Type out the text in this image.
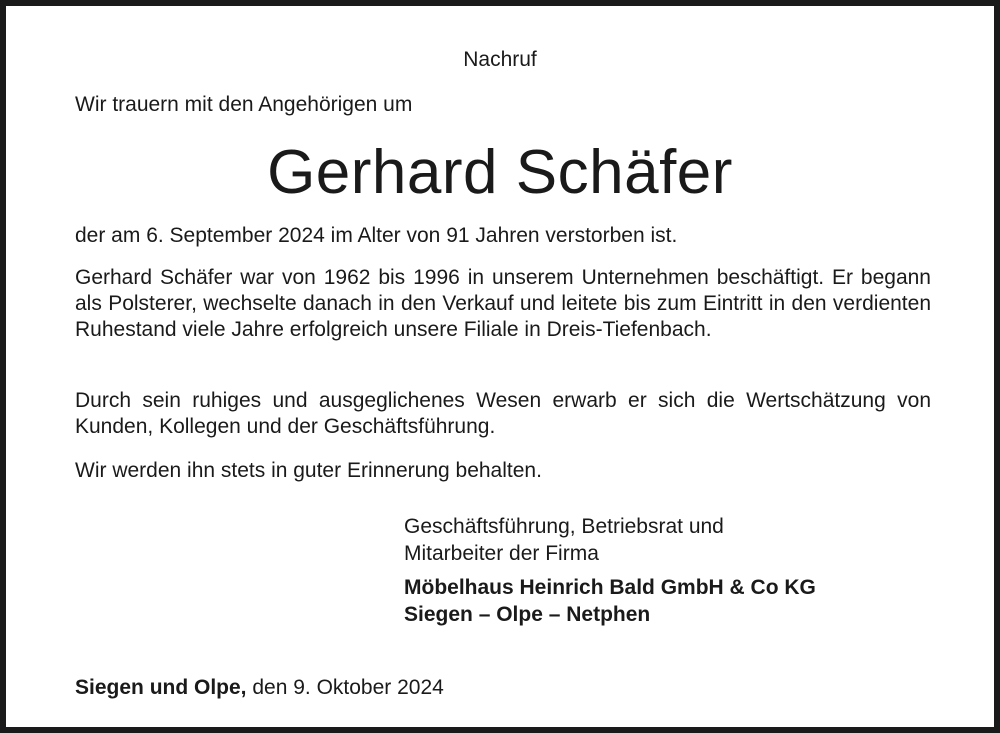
Nachruf
Wir trauern mit den Angehörigen um
Gerhard Schäfer
der am 6. September 2024 im Alter von 91 Jahren verstorben ist.
Gerhard Schäfer war von 1962 bis 1996 in unserem Unternehmen beschäftigt. Er begann als Polsterer, wechselte danach in den Verkauf und leitete bis zum Eintritt in den verdienten Ruhestand viele Jahre erfolgreich unsere Filiale in Dreis-Tiefenbach.
Durch sein ruhiges und ausgeglichenes Wesen erwarb er sich die Wertschätzung von Kunden, Kollegen und der Geschäftsführung.
Wir werden ihn stets in guter Erinnerung behalten.
Geschäftsführung, Betriebsrat und
Mitarbeiter der Firma
Möbelhaus Heinrich Bald GmbH & Co KG
Siegen – Olpe – Netphen
Siegen und Olpe, den 9. Oktober 2024
